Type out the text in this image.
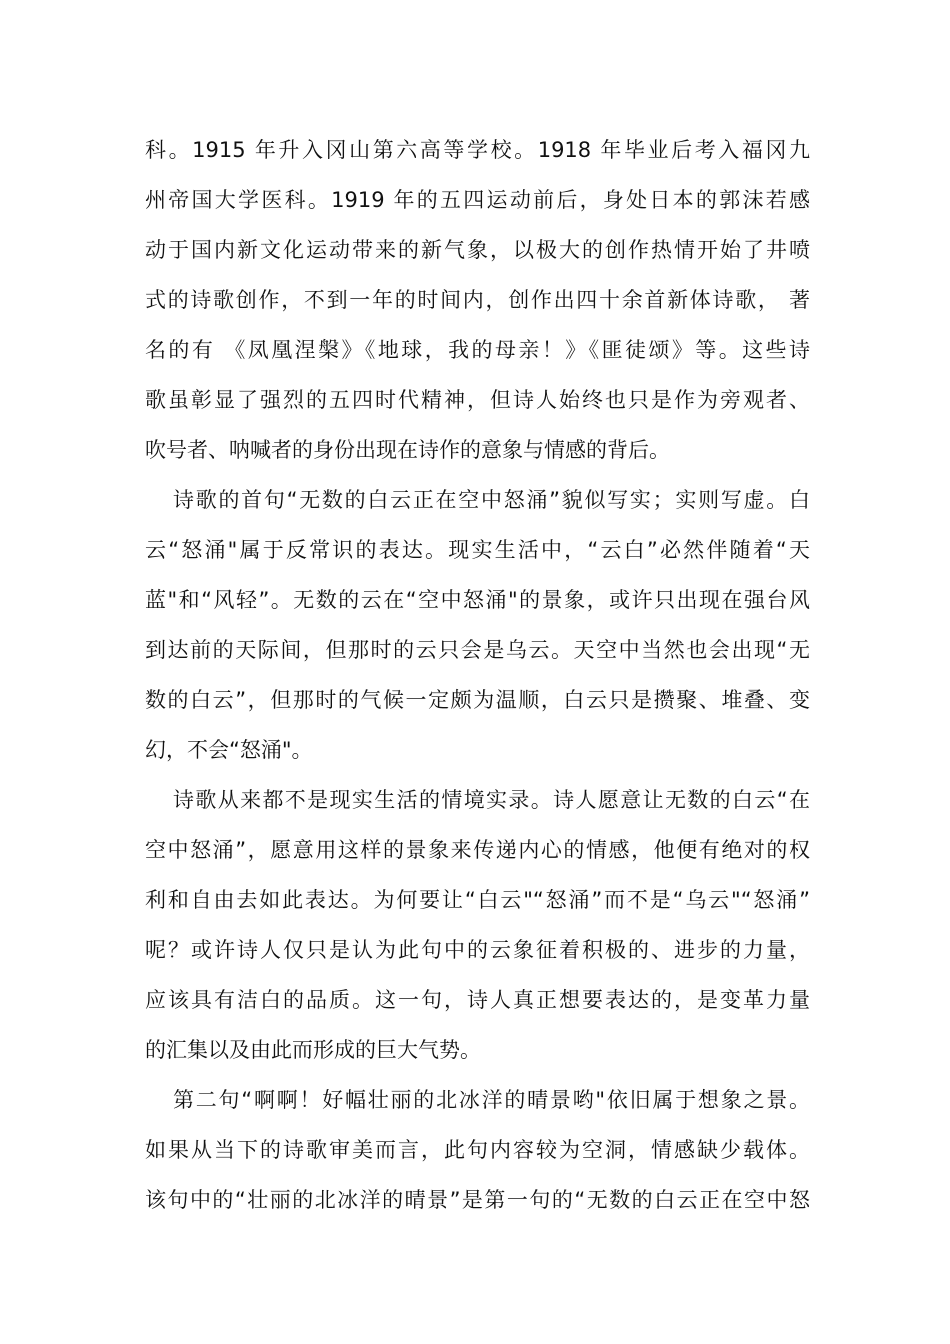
科。1915 年升入冈山第六高等学校。1918 年毕业后考入福冈九
州帝国大学医科。1919 年的五四运动前后，身处日本的郭沫若感
动于国内新文化运动带来的新气象，以极大的创作热情开始了井喷
式的诗歌创作，不到一年的时间内，创作出四十余首新体诗歌， 著
名的有 《凤凰涅槃》《地球，我的母亲！》《匪徒颂》等。这些诗
歌虽彰显了强烈的五四时代精神，但诗人始终也只是作为旁观者、
吹号者、呐喊者的身份出现在诗作的意象与情感的背后。
诗歌的首句“无数的白云正在空中怒涌”貌似写实；实则写虚。白
云“怒涌"属于反常识的表达。现实生活中，“云白”必然伴随着“天
蓝"和“风轻”。无数的云在“空中怒涌"的景象，或许只出现在强台风
到达前的天际间，但那时的云只会是乌云。天空中当然也会出现“无
数的白云”，但那时的气候一定颇为温顺，白云只是攒聚、堆叠、变
幻，不会“怒涌"。
诗歌从来都不是现实生活的情境实录。诗人愿意让无数的白云“在
空中怒涌”，愿意用这样的景象来传递内心的情感，他便有绝对的权
利和自由去如此表达。为何要让“白云"“怒涌”而不是“乌云"“怒涌”
呢？或许诗人仅只是认为此句中的云象征着积极的、进步的力量，
应该具有洁白的品质。这一句，诗人真正想要表达的，是变革力量
的汇集以及由此而形成的巨大气势。
第二句“啊啊！好幅壮丽的北冰洋的晴景哟"依旧属于想象之景。
如果从当下的诗歌审美而言，此句内容较为空洞，情感缺少载体。
该句中的“壮丽的北冰洋的晴景”是第一句的“无数的白云正在空中怒
